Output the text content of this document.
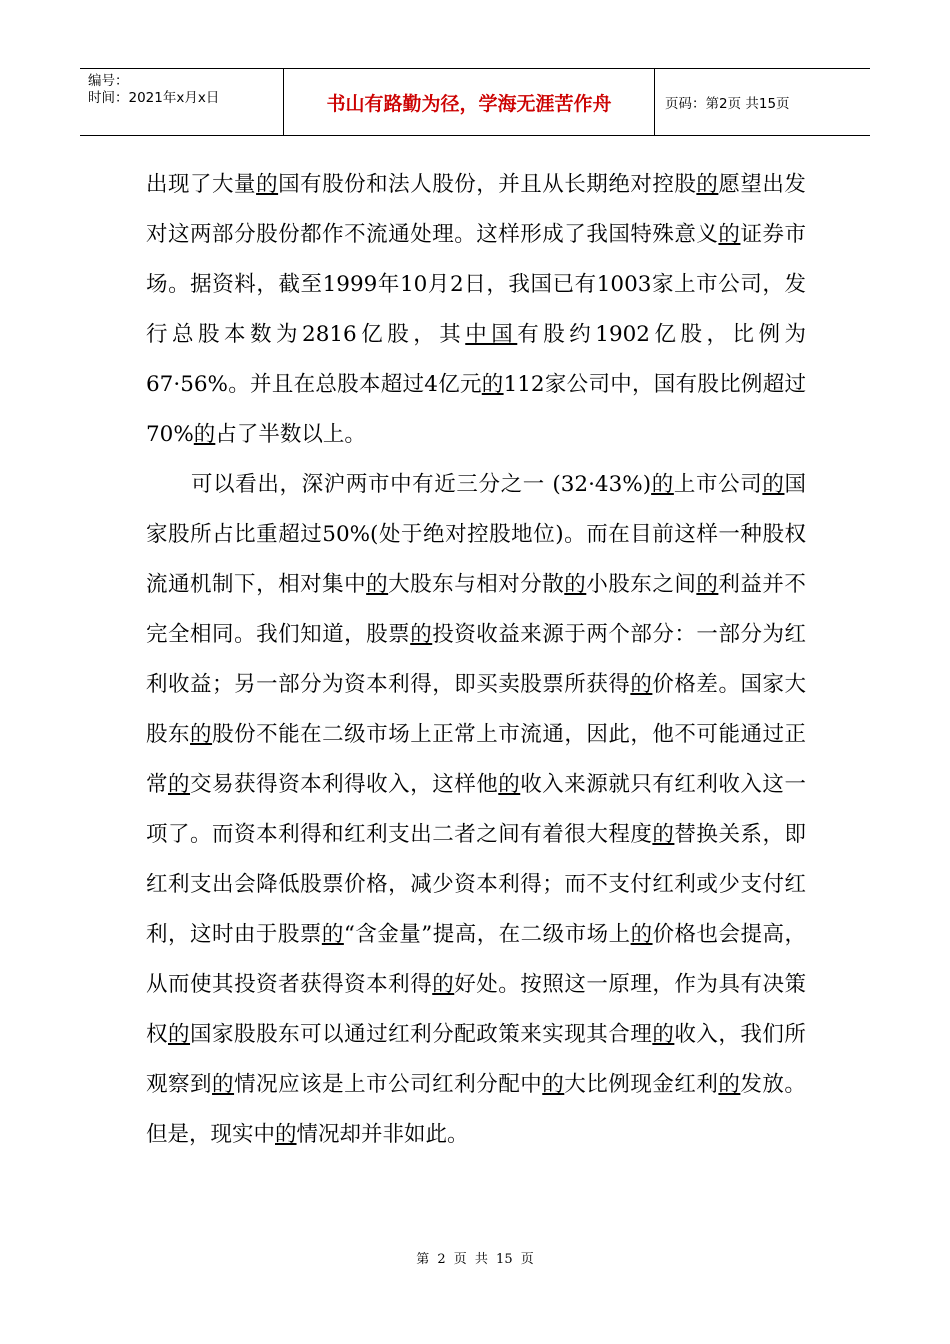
编号：
时间：2021年x月x日	书山有路勤为径，学海无涯苦作舟	页码：第2页 共15页

出现了大量的国有股份和法人股份，并且从长期绝对控股的愿望出发对这两部分股份都作不流通处理。这样形成了我国特殊意义的证券市场。据资料，截至1999年10月2日，我国已有1003家上市公司，发行总股本数为2816亿股，其中国有股约1902亿股，比例为67·56%。并且在总股本超过4亿元的112家公司中，国有股比例超过70%的占了半数以上。

可以看出，深沪两市中有近三分之一 (32·43%)的上市公司的国家股所占比重超过50%(处于绝对控股地位)。而在目前这样一种股权流通机制下，相对集中的大股东与相对分散的小股东之间的利益并不完全相同。我们知道，股票的投资收益来源于两个部分：一部分为红利收益；另一部分为资本利得，即买卖股票所获得的价格差。国家大股东的股份不能在二级市场上正常上市流通，因此，他不可能通过正常的交易获得资本利得收入，这样他的收入来源就只有红利收入这一项了。而资本利得和红利支出二者之间有着很大程度的替换关系，即红利支出会降低股票价格，减少资本利得；而不支付红利或少支付红利，这时由于股票的“含金量”提高，在二级市场上的价格也会提高，从而使其投资者获得资本利得的好处。按照这一原理，作为具有决策权的国家股股东可以通过红利分配政策来实现其合理的收入，我们所观察到的情况应该是上市公司红利分配中的大比例现金红利的发放。但是，现实中的情况却并非如此。

第 2 页 共 15 页
